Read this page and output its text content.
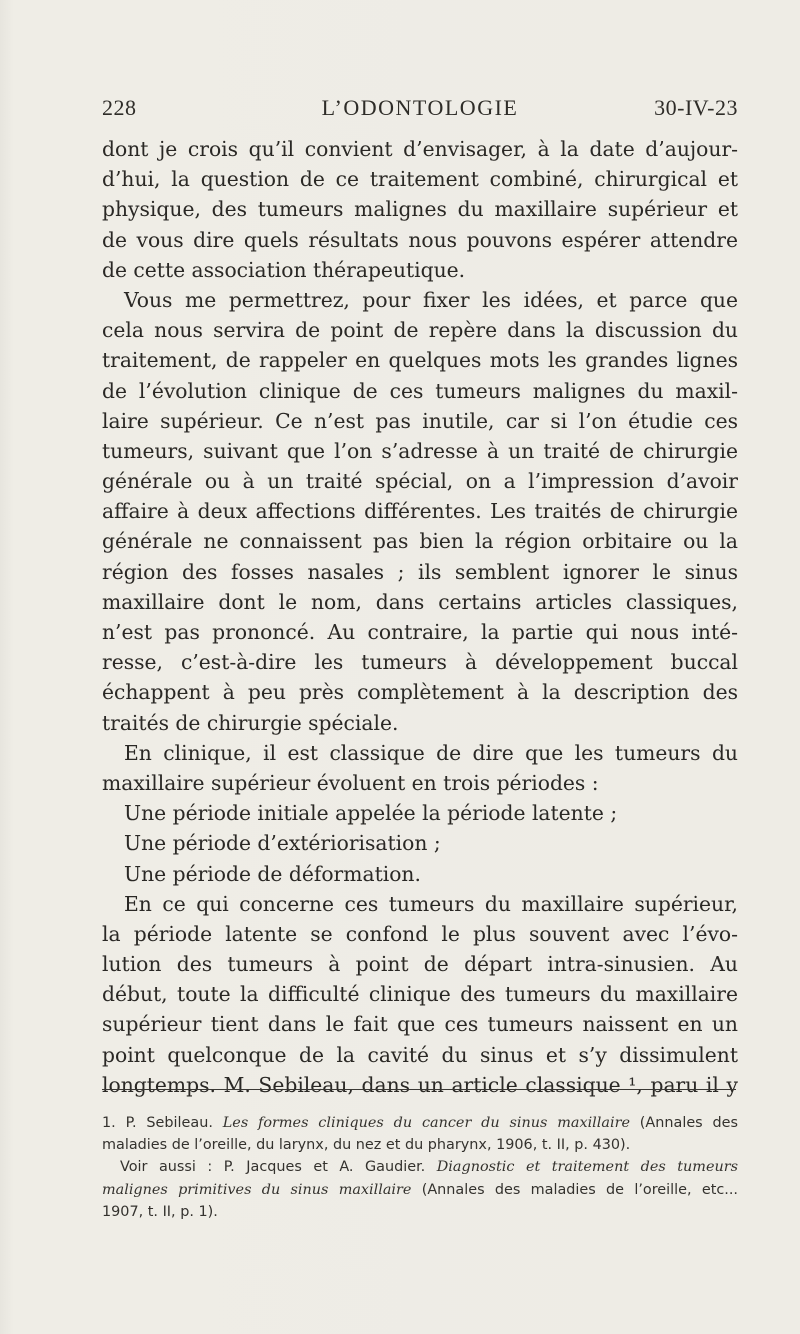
228	L’ODONTOLOGIE	30-IV-23
dont je crois qu’il convient d’envisager, à la date d’aujour-
d’hui, la question de ce traitement combiné, chirurgical et
physique, des tumeurs malignes du maxillaire supérieur et
de vous dire quels résultats nous pouvons espérer attendre
de cette association thérapeutique.
Vous me permettrez, pour fixer les idées, et parce que
cela nous servira de point de repère dans la discussion du
traitement, de rappeler en quelques mots les grandes lignes
de l’évolution clinique de ces tumeurs malignes du maxil-
laire supérieur. Ce n’est pas inutile, car si l’on étudie ces
tumeurs, suivant que l’on s’adresse à un traité de chirurgie
générale ou à un traité spécial, on a l’impression d’avoir
affaire à deux affections différentes. Les traités de chirurgie
générale ne connaissent pas bien la région orbitaire ou la
région des fosses nasales ; ils semblent ignorer le sinus
maxillaire dont le nom, dans certains articles classiques,
n’est pas prononcé. Au contraire, la partie qui nous inté-
resse, c’est-à-dire les tumeurs à développement buccal
échappent à peu près complètement à la description des
traités de chirurgie spéciale.
En clinique, il est classique de dire que les tumeurs du
maxillaire supérieur évoluent en trois périodes :
Une période initiale appelée la période latente ;
Une période d’extériorisation ;
Une période de déformation.
En ce qui concerne ces tumeurs du maxillaire supérieur,
la période latente se confond le plus souvent avec l’évo-
lution des tumeurs à point de départ intra-sinusien. Au
début, toute la difficulté clinique des tumeurs du maxillaire
supérieur tient dans le fait que ces tumeurs naissent en un
point quelconque de la cavité du sinus et s’y dissimulent
longtemps. M. Sebileau, dans un article classique ¹, paru il y
1. P. Sebileau. Les formes cliniques du cancer du sinus maxillaire (Annales des
maladies de l’oreille, du larynx, du nez et du pharynx, 1906, t. II, p. 430).
Voir aussi : P. Jacques et A. Gaudier. Diagnostic et traitement des tumeurs
malignes primitives du sinus maxillaire (Annales des maladies de l’oreille, etc...
1907, t. II, p. 1).
